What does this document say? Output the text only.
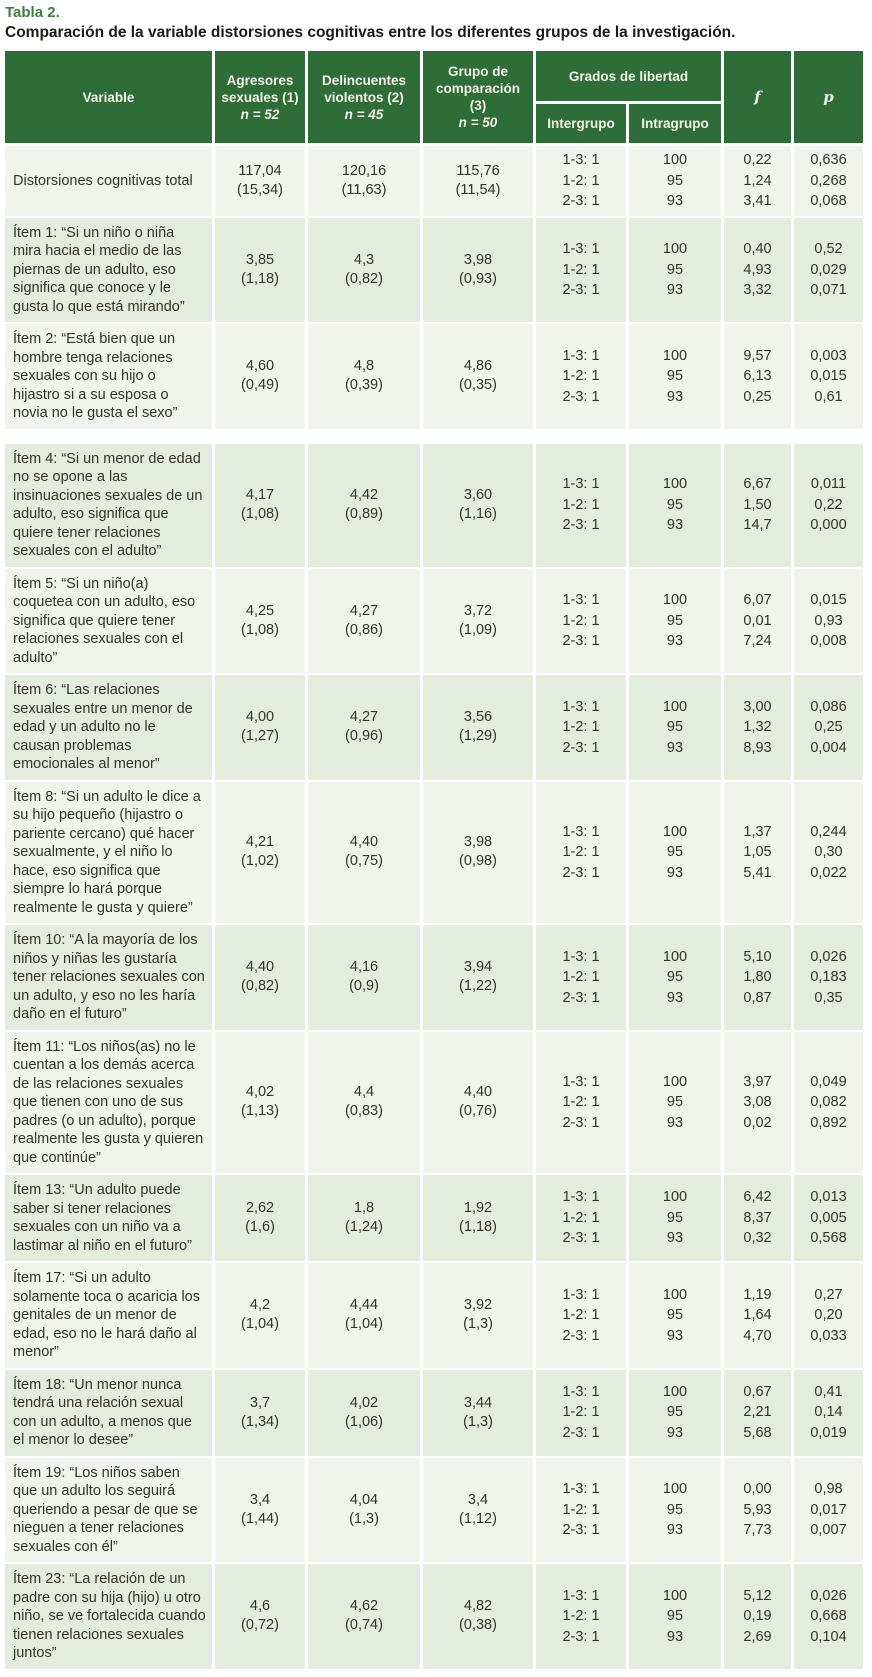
Tabla 2.
Comparación de la variable distorsiones cognitivas entre los diferentes grupos de la investigación.
Variable
Agresores sexuales (1)
n = 52
Delincuentes violentos (2)
n = 45
Grupo de comparación (3)
n = 50
Grados de libertad
Intergrupo	Intragrupo
f	p
Distorsiones cognitivas total
117,04
(15,34)
120,16
(11,63)
115,76
(11,54)
1-3: 1
1-2: 1
2-3: 1
100
95
93
0,22
1,24
3,41
0,636
0,268
0,068
Ítem 1: “Si un niño o niña mira hacia el medio de las piernas de un adulto, eso significa que conoce y le gusta lo que está mirando”
3,85
(1,18)
4,3
(0,82)
3,98
(0,93)
1-3: 1
1-2: 1
2-3: 1
100
95
93
0,40
4,93
3,32
0,52
0,029
0,071
Ítem 2: “Está bien que un hombre tenga relaciones sexuales con su hijo o hijastro si a su esposa o novia no le gusta el sexo”
4,60
(0,49)
4,8
(0,39)
4,86
(0,35)
1-3: 1
1-2: 1
2-3: 1
100
95
93
9,57
6,13
0,25
0,003
0,015
0,61
Ítem 4: “Si un menor de edad no se opone a las insinuaciones sexuales de un adulto, eso significa que quiere tener relaciones sexuales con el adulto”
4,17
(1,08)
4,42
(0,89)
3,60
(1,16)
1-3: 1
1-2: 1
2-3: 1
100
95
93
6,67
1,50
14,7
0,011
0,22
0,000
Ítem 5: “Si un niño(a) coquetea con un adulto, eso significa que quiere tener relaciones sexuales con el adulto”
4,25
(1,08)
4,27
(0,86)
3,72
(1,09)
1-3: 1
1-2: 1
2-3: 1
100
95
93
6,07
0,01
7,24
0,015
0,93
0,008
Ítem 6: “Las relaciones sexuales entre un menor de edad y un adulto no le causan problemas emocionales al menor”
4,00
(1,27)
4,27
(0,96)
3,56
(1,29)
1-3: 1
1-2: 1
2-3: 1
100
95
93
3,00
1,32
8,93
0,086
0,25
0,004
Ítem 8: “Si un adulto le dice a su hijo pequeño (hijastro o pariente cercano) qué hacer sexualmente, y el niño lo hace, eso significa que siempre lo hará porque realmente le gusta y quiere”
4,21
(1,02)
4,40
(0,75)
3,98
(0,98)
1-3: 1
1-2: 1
2-3: 1
100
95
93
1,37
1,05
5,41
0,244
0,30
0,022
Ítem 10: “A la mayoría de los niños y niñas les gustaría tener relaciones sexuales con un adulto, y eso no les haría daño en el futuro”
4,40
(0,82)
4,16
(0,9)
3,94
(1,22)
1-3: 1
1-2: 1
2-3: 1
100
95
93
5,10
1,80
0,87
0,026
0,183
0,35
Ítem 11: “Los niños(as) no le cuentan a los demás acerca de las relaciones sexuales que tienen con uno de sus padres (o un adulto), porque realmente les gusta y quieren que continúe”
4,02
(1,13)
4,4
(0,83)
4,40
(0,76)
1-3: 1
1-2: 1
2-3: 1
100
95
93
3,97
3,08
0,02
0,049
0,082
0,892
Ítem 13: “Un adulto puede saber si tener relaciones sexuales con un niño va a lastimar al niño en el futuro”
2,62
(1,6)
1,8
(1,24)
1,92
(1,18)
1-3: 1
1-2: 1
2-3: 1
100
95
93
6,42
8,37
0,32
0,013
0,005
0,568
Ítem 17: “Si un adulto solamente toca o acaricia los genitales de un menor de edad, eso no le hará daño al menor”
4,2
(1,04)
4,44
(1,04)
3,92
(1,3)
1-3: 1
1-2: 1
2-3: 1
100
95
93
1,19
1,64
4,70
0,27
0,20
0,033
Ítem 18: “Un menor nunca tendrá una relación sexual con un adulto, a menos que el menor lo desee”
3,7
(1,34)
4,02
(1,06)
3,44
(1,3)
1-3: 1
1-2: 1
2-3: 1
100
95
93
0,67
2,21
5,68
0,41
0,14
0,019
Ítem 19: “Los niños saben que un adulto los seguirá queriendo a pesar de que se nieguen a tener relaciones sexuales con él”
3,4
(1,44)
4,04
(1,3)
3,4
(1,12)
1-3: 1
1-2: 1
2-3: 1
100
95
93
0,00
5,93
7,73
0,98
0,017
0,007
Ítem 23: “La relación de un padre con su hija (hijo) u otro niño, se ve fortalecida cuando tienen relaciones sexuales juntos”
4,6
(0,72)
4,62
(0,74)
4,82
(0,38)
1-3: 1
1-2: 1
2-3: 1
100
95
93
5,12
0,19
2,69
0,026
0,668
0,104
